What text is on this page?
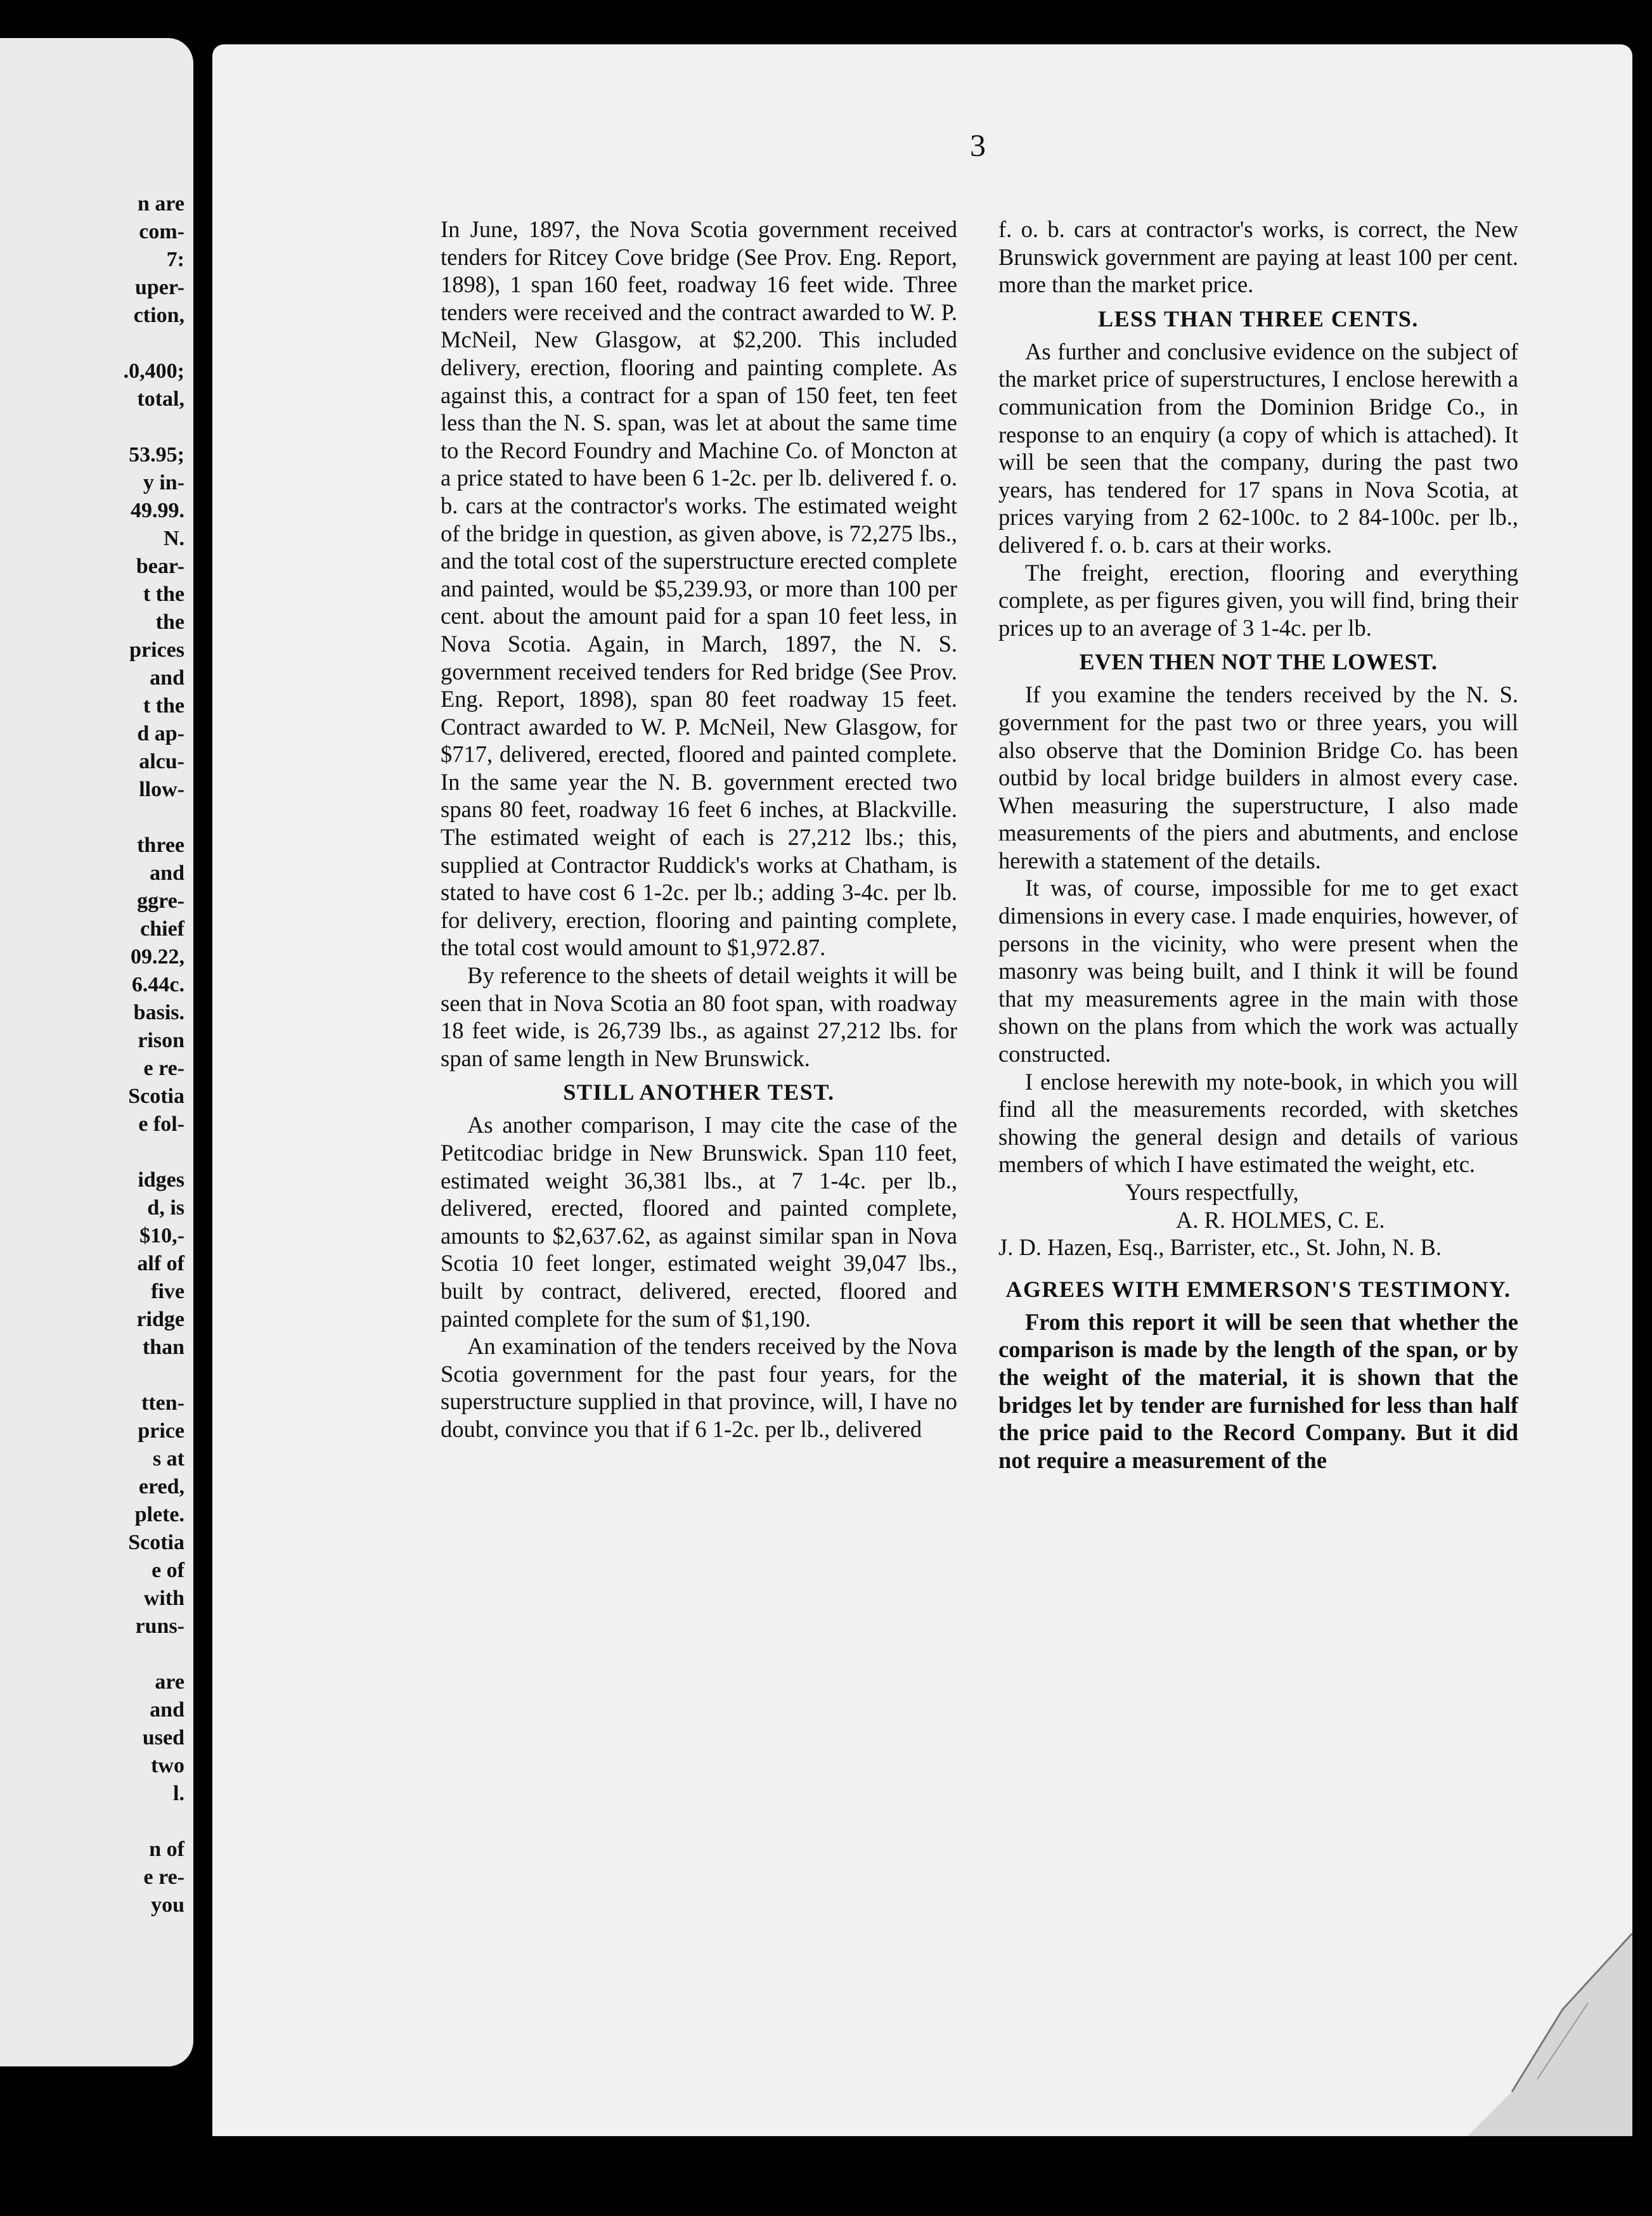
n are
com-
7:
uper-
ction,

.0,400;
total,

53.95;
y in-
49.99.
N.
bear-
t the
the
prices
and
t the
d ap-
alcu-
llow-

three
and
ggre-
chief
09.22,
6.44c.
basis.
rison
e re-
Scotia
e fol-

idges
d, is
$10,-
alf of
five
ridge
than

tten-
price
s at
ered,
plete.
Scotia
e of
with
runs-

are
and
used
two
l.

n of
e re-
you
3

In June, 1897, the Nova Scotia government received tenders for Ritcey Cove bridge (See Prov. Eng. Report, 1898), 1 span 160 feet, roadway 16 feet wide. Three tenders were received and the contract awarded to W. P. McNeil, New Glasgow, at $2,200. This included delivery, erection, flooring and painting complete. As against this, a contract for a span of 150 feet, ten feet less than the N. S. span, was let at about the same time to the Record Foundry and Machine Co. of Moncton at a price stated to have been 6 1-2c. per lb. delivered f. o. b. cars at the contractor's works. The estimated weight of the bridge in question, as given above, is 72,275 lbs., and the total cost of the superstructure erected complete and painted, would be $5,239.93, or more than 100 per cent. about the amount paid for a span 10 feet less, in Nova Scotia. Again, in March, 1897, the N. S. government received tenders for Red bridge (See Prov. Eng. Report, 1898), span 80 feet roadway 15 feet. Contract awarded to W. P. McNeil, New Glasgow, for $717, delivered, erected, floored and painted complete. In the same year the N. B. government erected two spans 80 feet, roadway 16 feet 6 inches, at Blackville. The estimated weight of each is 27,212 lbs.; this, supplied at Contractor Ruddick's works at Chatham, is stated to have cost 6 1-2c. per lb.; adding 3-4c. per lb. for delivery, erection, flooring and painting complete, the total cost would amount to $1,972.87.

By reference to the sheets of detail weights it will be seen that in Nova Scotia an 80 foot span, with roadway 18 feet wide, is 26,739 lbs., as against 27,212 lbs. for span of same length in New Brunswick.

STILL ANOTHER TEST.

As another comparison, I may cite the case of the Petitcodiac bridge in New Brunswick. Span 110 feet, estimated weight 36,381 lbs., at 7 1-4c. per lb., delivered, erected, floored and painted complete, amounts to $2,637.62, as against similar span in Nova Scotia 10 feet longer, estimated weight 39,047 lbs., built by contract, delivered, erected, floored and painted complete for the sum of $1,190.

An examination of the tenders received by the Nova Scotia government for the past four years, for the superstructure supplied in that province, will, I have no doubt, convince you that if 6 1-2c. per lb., delivered

f. o. b. cars at contractor's works, is correct, the New Brunswick government are paying at least 100 per cent. more than the market price.

LESS THAN THREE CENTS.

As further and conclusive evidence on the subject of the market price of superstructures, I enclose herewith a communication from the Dominion Bridge Co., in response to an enquiry (a copy of which is attached). It will be seen that the company, during the past two years, has tendered for 17 spans in Nova Scotia, at prices varying from 2 62-100c. to 2 84-100c. per lb., delivered f. o. b. cars at their works.

The freight, erection, flooring and everything complete, as per figures given, you will find, bring their prices up to an average of 3 1-4c. per lb.

EVEN THEN NOT THE LOWEST.

If you examine the tenders received by the N. S. government for the past two or three years, you will also observe that the Dominion Bridge Co. has been outbid by local bridge builders in almost every case. When measuring the superstructure, I also made measurements of the piers and abutments, and enclose herewith a statement of the details.

It was, of course, impossible for me to get exact dimensions in every case. I made enquiries, however, of persons in the vicinity, who were present when the masonry was being built, and I think it will be found that my measurements agree in the main with those shown on the plans from which the work was actually constructed.

I enclose herewith my note-book, in which you will find all the measurements recorded, with sketches showing the general design and details of various members of which I have estimated the weight, etc.

Yours respectfully,
A. R. HOLMES, C. E.

J. D. Hazen, Esq., Barrister, etc., St. John, N. B.

AGREES WITH EMMERSON'S TESTIMONY.

From this report it will be seen that whether the comparison is made by the length of the span, or by the weight of the material, it is shown that the bridges let by tender are furnished for less than half the price paid to the Record Company. But it did not require a measurement of the
